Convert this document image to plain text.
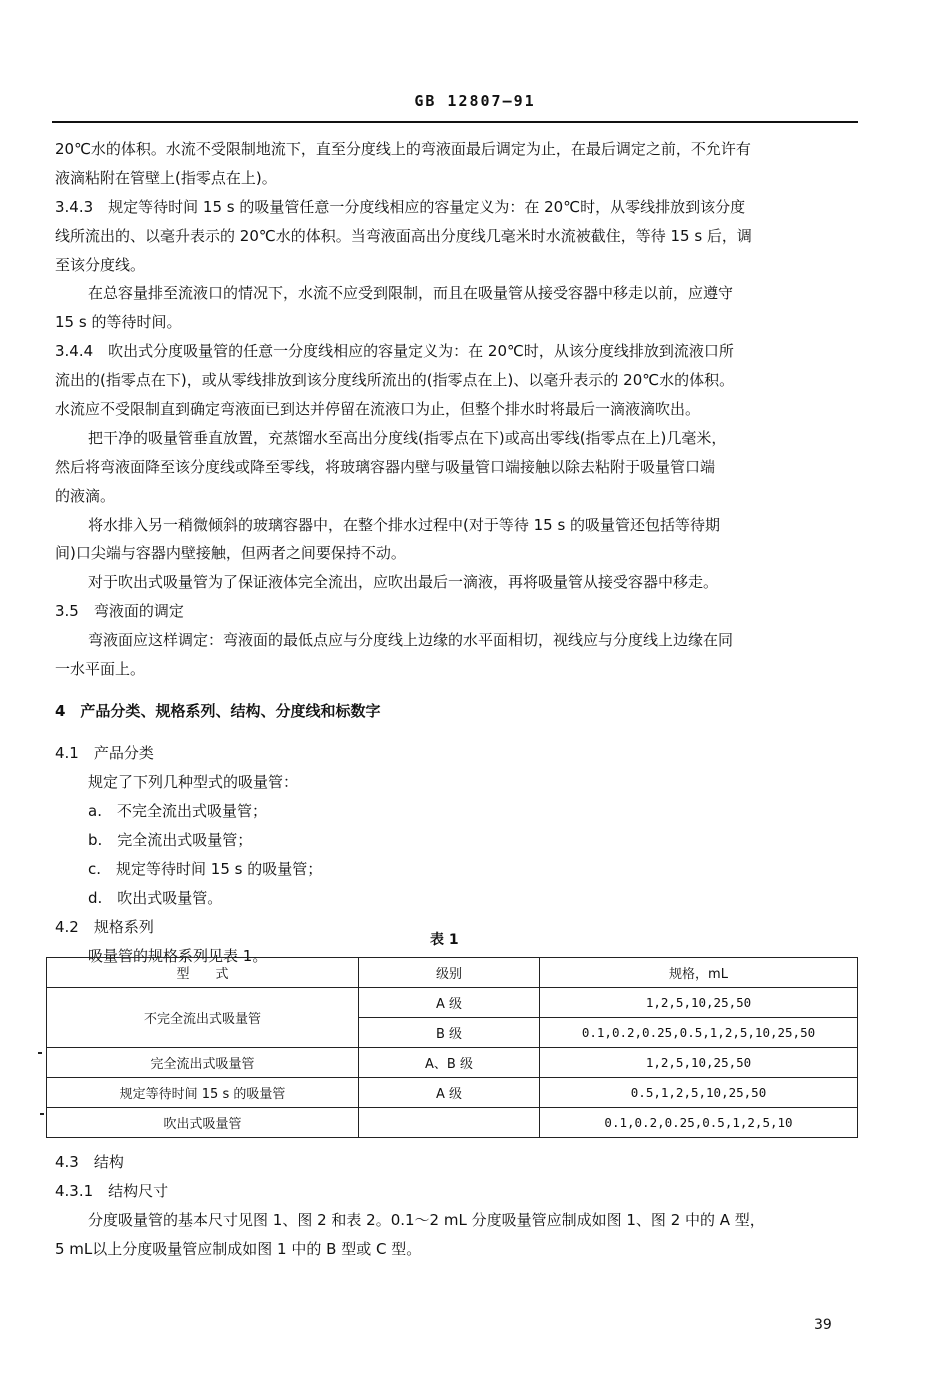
GB 12807—91
20℃水的体积。水流不受限制地流下，直至分度线上的弯液面最后调定为止，在最后调定之前，不允许有
液滴粘附在管壁上(指零点在上)。
3.4.3　规定等待时间 15 s 的吸量管任意一分度线相应的容量定义为：在 20℃时，从零线排放到该分度
线所流出的、以毫升表示的 20℃水的体积。当弯液面高出分度线几毫米时水流被截住，等待 15 s 后，调
至该分度线。
在总容量排至流液口的情况下，水流不应受到限制，而且在吸量管从接受容器中移走以前，应遵守
15 s 的等待时间。
3.4.4　吹出式分度吸量管的任意一分度线相应的容量定义为：在 20℃时，从该分度线排放到流液口所
流出的(指零点在下)，或从零线排放到该分度线所流出的(指零点在上)、以毫升表示的 20℃水的体积。
水流应不受限制直到确定弯液面已到达并停留在流液口为止，但整个排水时将最后一滴液滴吹出。
把干净的吸量管垂直放置，充蒸馏水至高出分度线(指零点在下)或高出零线(指零点在上)几毫米，
然后将弯液面降至该分度线或降至零线，将玻璃容器内壁与吸量管口端接触以除去粘附于吸量管口端
的液滴。
将水排入另一稍微倾斜的玻璃容器中，在整个排水过程中(对于等待 15 s 的吸量管还包括等待期
间)口尖端与容器内壁接触，但两者之间要保持不动。
对于吹出式吸量管为了保证液体完全流出，应吹出最后一滴液，再将吸量管从接受容器中移走。
3.5　弯液面的调定
弯液面应这样调定：弯液面的最低点应与分度线上边缘的水平面相切，视线应与分度线上边缘在同
一水平面上。
4　产品分类、规格系列、结构、分度线和标数字
4.1　产品分类
规定了下列几种型式的吸量管：
a.　不完全流出式吸量管；
b.　完全流出式吸量管；
c.　规定等待时间 15 s 的吸量管；
d.　吹出式吸量管。
4.2　规格系列
吸量管的规格系列见表 1。
表 1
型　　式	级别	规格，mL
不完全流出式吸量管	A 级	1,2,5,10,25,50
	B 级	0.1,0.2,0.25,0.5,1,2,5,10,25,50
完全流出式吸量管	A、B 级	1,2,5,10,25,50
规定等待时间 15 s 的吸量管	A 级	0.5,1,2,5,10,25,50
吹出式吸量管		0.1,0.2,0.25,0.5,1,2,5,10
4.3　结构
4.3.1　结构尺寸
分度吸量管的基本尺寸见图 1、图 2 和表 2。0.1～2 mL 分度吸量管应制成如图 1、图 2 中的 A 型，
5 mL以上分度吸量管应制成如图 1 中的 B 型或 C 型。
39
